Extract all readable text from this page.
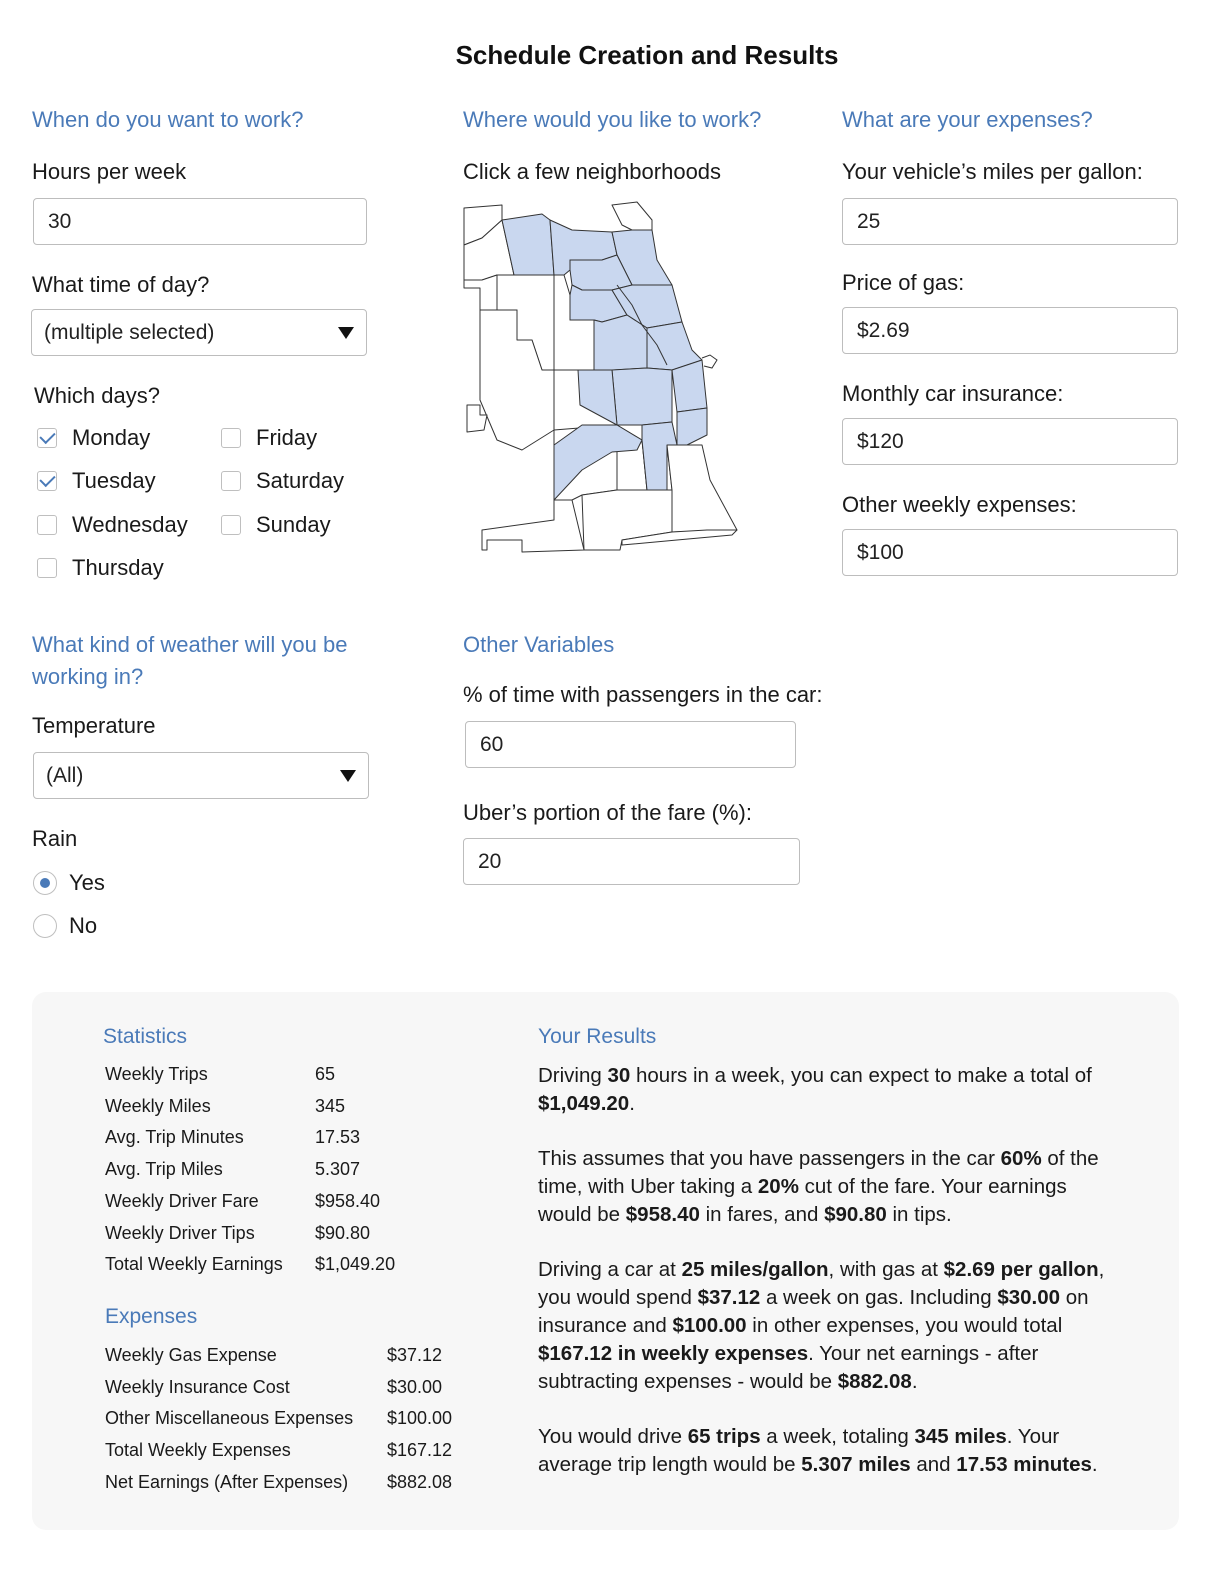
Schedule Creation and Results
When do you want to work?
Hours per week
30
What time of day?
(multiple selected)
Which days?
Monday
Tuesday
Wednesday
Thursday
Friday
Saturday
Sunday
Where would you like to work?
Click a few neighborhoods
What are your expenses?
Your vehicle’s miles per gallon:
25
Price of gas:
$2.69
Monthly car insurance:
$120
Other weekly expenses:
$100
What kind of weather will you be
working in?
Temperature
(All)
Rain
Yes
No
Other Variables
% of time with passengers in the car:
60
Uber’s portion of the fare (%):
20
Statistics
Weekly Trips	65
Weekly Miles	345
Avg. Trip Minutes	17.53
Avg. Trip Miles	5.307
Weekly Driver Fare	$958.40
Weekly Driver Tips	$90.80
Total Weekly Earnings $1,049.20
Expenses
Weekly Gas Expense	$37.12
Weekly Insurance Cost	$30.00
Other Miscellaneous Expenses $100.00
Total Weekly Expenses	$167.12
Net Earnings (After Expenses) $882.08
Your Results

Driving 30 hours in a week, you can expect to make a total of $1,049.20.

This assumes that you have passengers in the car 60% of the time, with Uber taking a 20% cut of the fare. Your earnings would be $958.40 in fares, and $90.80 in tips.

Driving a car at 25 miles/gallon, with gas at $2.69 per gallon, you would spend $37.12 a week on gas. Including $30.00 on insurance and $100.00 in other expenses, you would total $167.12 in weekly expenses. Your net earnings - after subtracting expenses - would be $882.08.

You would drive 65 trips a week, totaling 345 miles. Your average trip length would be 5.307 miles and 17.53 minutes.
